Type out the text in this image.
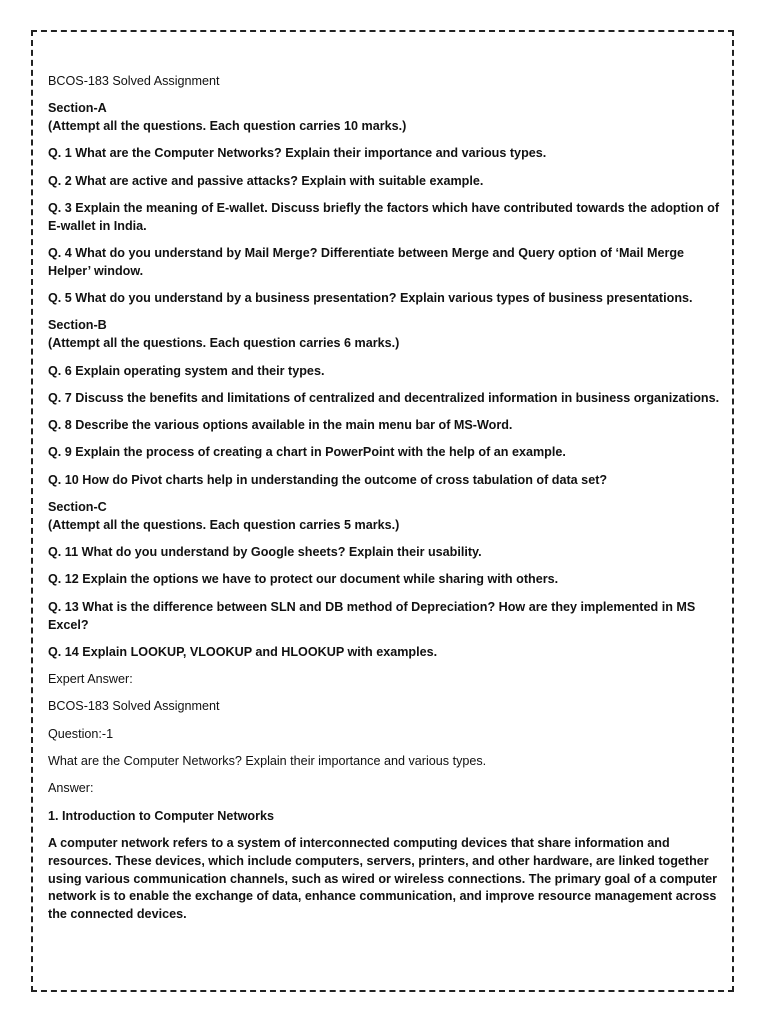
BCOS-183 Solved Assignment
Section-A
(Attempt all the questions. Each question carries 10 marks.)
Q. 1 What are the Computer Networks? Explain their importance and various types.
Q. 2 What are active and passive attacks? Explain with suitable example.
Q. 3 Explain the meaning of E-wallet. Discuss briefly the factors which have contributed towards the adoption of E-wallet in India.
Q. 4 What do you understand by Mail Merge? Differentiate between Merge and Query option of ‘Mail Merge Helper’ window.
Q. 5 What do you understand by a business presentation? Explain various types of business presentations.
Section-B
(Attempt all the questions. Each question carries 6 marks.)
Q. 6 Explain operating system and their types.
Q. 7 Discuss the benefits and limitations of centralized and decentralized information in business organizations.
Q. 8 Describe the various options available in the main menu bar of MS-Word.
Q. 9 Explain the process of creating a chart in PowerPoint with the help of an example.
Q. 10 How do Pivot charts help in understanding the outcome of cross tabulation of data set?
Section-C
(Attempt all the questions. Each question carries 5 marks.)
Q. 11 What do you understand by Google sheets? Explain their usability.
Q. 12 Explain the options we have to protect our document while sharing with others.
Q. 13 What is the difference between SLN and DB method of Depreciation? How are they implemented in MS Excel?
Q. 14 Explain LOOKUP, VLOOKUP and HLOOKUP with examples.
Expert Answer:
BCOS-183 Solved Assignment
Question:-1
What are the Computer Networks? Explain their importance and various types.
Answer:
1. Introduction to Computer Networks
A computer network refers to a system of interconnected computing devices that share information and resources. These devices, which include computers, servers, printers, and other hardware, are linked together using various communication channels, such as wired or wireless connections. The primary goal of a computer network is to enable the exchange of data, enhance communication, and improve resource management across the connected devices.
